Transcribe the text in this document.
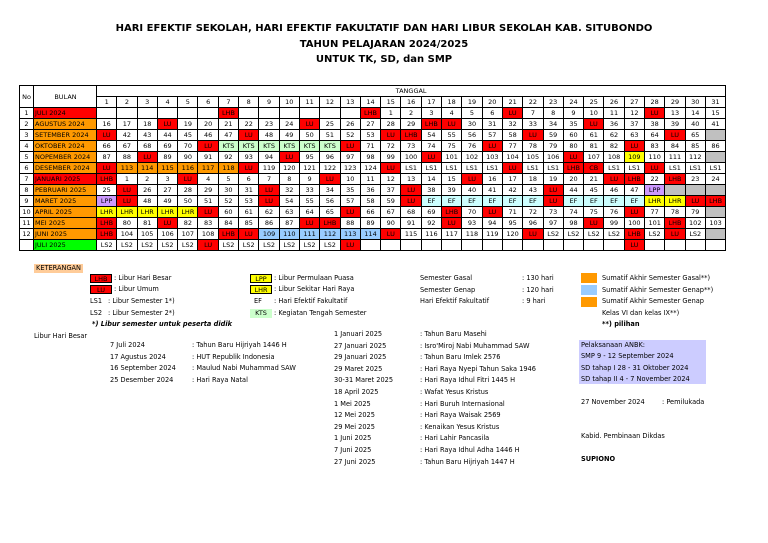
HARI EFEKTIF SEKOLAH, HARI EFEKTIF FAKULTATIF DAN HARI LIBUR SEKOLAH KAB. SITUBONDO
TAHUN PELAJARAN 2024/2025
UNTUK TK, SD, dan SMP
No	BULAN	TANGGAL																														
		1	2	3	4	5	6	7	8	9	10	11	12	13	14	15	16	17	18	19	20	21	22	23	24	25	26	27	28	29	30	31
1	JULI 2024							LHB							LHB	1	2	3	4	5	6	LU	7	8	9	10	11	12	LU	13	14	15
2	AGUSTUS 2024	16	17	18	LU	19	20	21	22	23	24	LU	25	26	27	28	29	LHB	LU	30	31	32	33	34	35	LU	36	37	38	39	40	41
3	SETEMBER 2024	LU	42	43	44	45	46	47	LU	48	49	50	51	52	53	LU	LHB	54	55	56	57	58	LU	59	60	61	62	63	64	LU	65	
4	OKTOBER 2024	66	67	68	69	70	LU	KTS	KTS	KTS	KTS	KTS	KTS	LU	71	72	73	74	75	76	LU	77	78	79	80	81	82	LU	83	84	85	86
5	NOPEMBER 2024	87	88	LU	89	90	91	92	93	94	LU	95	96	97	98	99	100	LU	101	102	103	104	105	106	LU	107	108	109	110	111	112	
6	DESEMBER 2024	LU	113	114	115	116	117	118	LU	119	120	121	122	123	124	LU	LS1	LS1	LS1	LS1	LS1	LU	LS1	LS1	LHB	CB	LS1	LS1	LU	LS1	LS1	LS1
7	JANUARI 2025	LHB	1	2	3	LU	4	5	6	7	8	9	LU	10	11	12	13	14	15	LU	16	17	18	19	20	21	LU	LHB	22	LHB	23	24
8	PEBRUARI 2025	25	LU	26	27	28	29	30	31	LU	32	33	34	35	36	37	LU	38	39	40	41	42	43	LU	44	45	46	47	LPP			
9	MARET 2025	LPP	LU	48	49	50	51	52	53	LU	54	55	56	57	58	59	LU	EF	EF	EF	EF	EF	EF	LU	EF	EF	EF	EF	LHR	LHR	LU	LHB
10	APRIL 2025	LHR	LHR	LHR	LHR	LHR	LU	60	61	62	63	64	65	LU	66	67	68	69	LHB	70	LU	71	72	73	74	75	76	LU	77	78	79	
11	MEI 2025	LHB	80	81	LU	82	83	84	85	86	87	LU	LHB	88	89	90	91	92	LU	93	94	95	96	97	98	LU	99	100	101	LHB	102	103
12	JUNI 2025	LHB	104	105	106	107	108	LHB	LU	109	110	111	112	113	114	LU	115	116	117	118	119	120	LU	LS2	LS2	LS2	LS2	LHB	LS2	LU	LS2	
	JULI 2025	LS2	LS2	LS2	LS2	LS2	LU	LS2	LS2	LS2	LS2	LS2	LS2	LU														LU				
KETERANGAN
LHB : Libur Hari Besar
LU	: Libur Umum
LS1 : Libur Semester 1*)
LS2 : Libur Semester 2*)
*) Libur semester untuk peserta didik
LPP	: Libur Permulaan Puasa
LHR : Libur Sekitar Hari Raya
EF : Hari Efektif Fakultatif
KTS	: Kegiatan Tengah Semester
Semester Gasal	: 130 hari
Semester Genap	: 120 hari
Hari Efektif Fakultatif	: 9 hari
Sumatif Akhir Semester Gasal**)
Sumatif Akhir Semester Genap**)
Sumatif Akhir Semester Genap
Kelas VI dan kelas IX**)
**) pilihan
Libur Hari Besar
7 Juli 2024	: Tahun Baru Hijriyah 1446 H
17 Agustus 2024	: HUT Republik Indonesia
16 September 2024 : Maulud Nabi Muhammad SAW
25 Desember 2024	: Hari Raya Natal
1 Januari 2025	: Tahun Baru Masehi
27 Januari 2025	: Isro'Miroj Nabi Muhammad SAW
29 Januari 2025	: Tahun Baru Imlek 2576
29 Maret 2025	: Hari Raya Nyepi Tahun Saka 1946
30-31 Maret 2025	: Hari Raya Idhul Fitri 1445 H
18 April 2025	: Wafat Yesus Kristus
1 Mei 2025	: Hari Buruh Internasional
12 Mei 2025	: Hari Raya Waisak 2569
29 Mei 2025	: Kenaikan Yesus Kristus
1 Juni 2025	: Hari Lahir Pancasila
7 Juni 2025	: Hari Raya Idhul Adha 1446 H
27 Juni 2025	: Tahun Baru Hijriyah 1447 H
Pelaksanaan ANBK:
SMP 9 - 12 September 2024
SD tahap I 28 - 31 Oktober 2024
SD tahap II 4 - 7 November 2024
27 November 2024	: Pemilukada
Kabid. Pembinaan Dikdas
SUPIONO
